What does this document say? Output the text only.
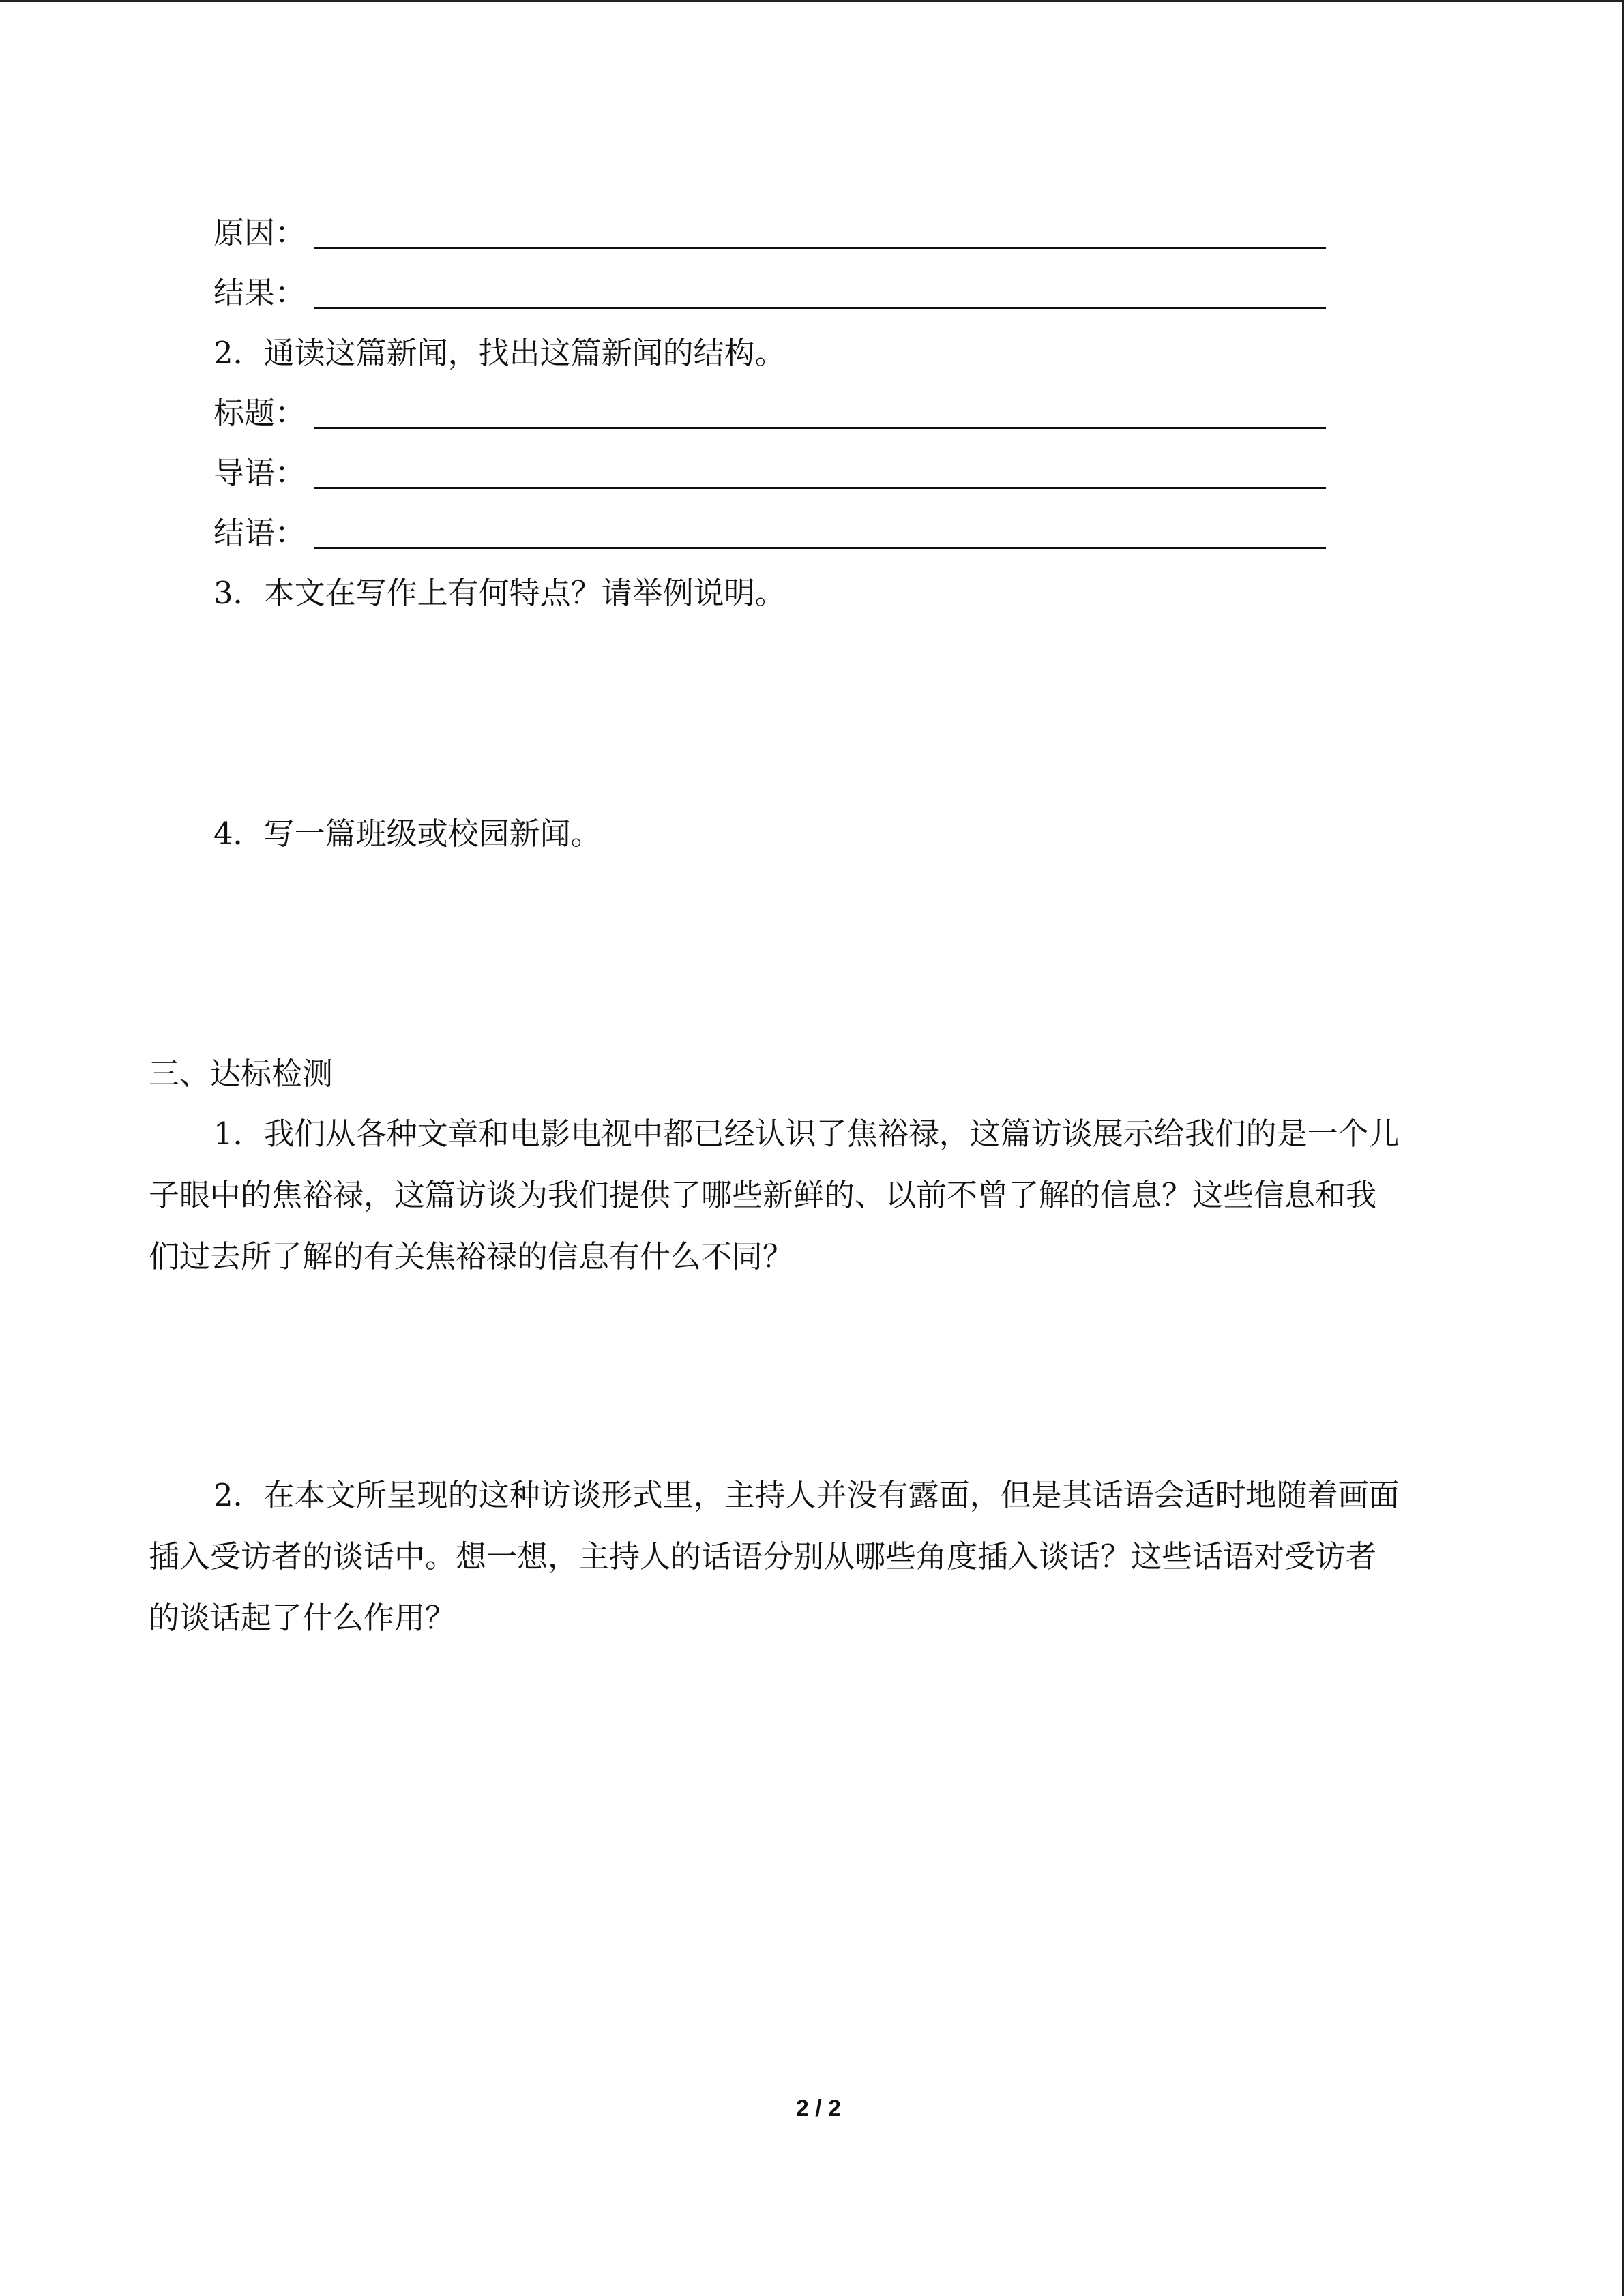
原因：
结果：
2．通读这篇新闻，找出这篇新闻的结构。
标题：
导语：
结语：
3．本文在写作上有何特点？请举例说明。
4．写一篇班级或校园新闻。
三、达标检测
1．我们从各种文章和电影电视中都已经认识了焦裕禄，这篇访谈展示给我们的是一个儿
子眼中的焦裕禄，这篇访谈为我们提供了哪些新鲜的、以前不曾了解的信息？这些信息和我
们过去所了解的有关焦裕禄的信息有什么不同？
2．在本文所呈现的这种访谈形式里，主持人并没有露面，但是其话语会适时地随着画面
插入受访者的谈话中。想一想，主持人的话语分别从哪些角度插入谈话？这些话语对受访者
的谈话起了什么作用？
2 / 2
